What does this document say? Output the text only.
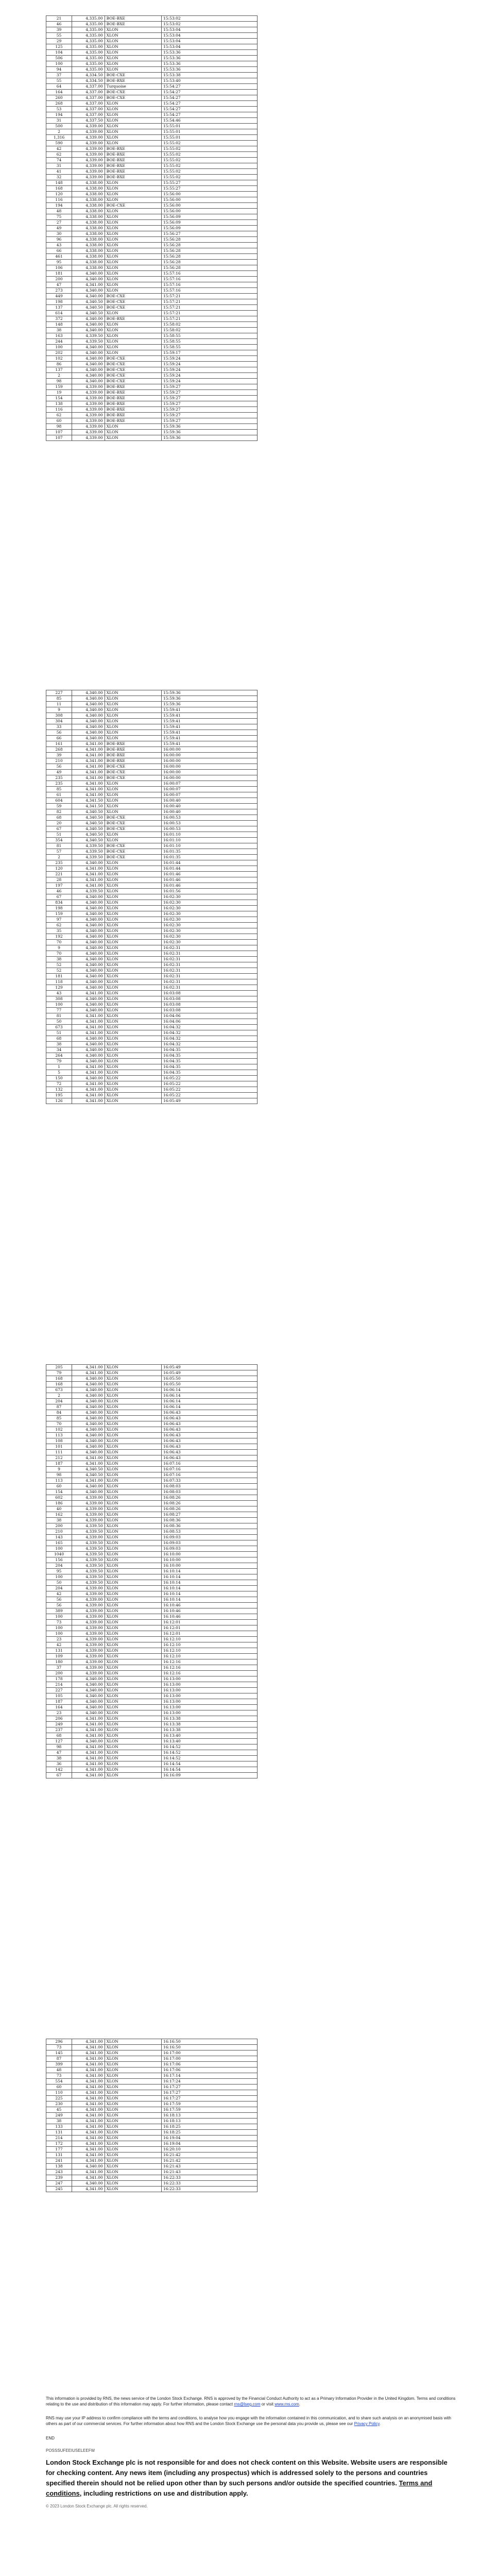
21	4,335.00	BOE-BXE	15:53:02
46	4,335.00	BOE-BXE	15:53:02
39	4,335.00	XLON	15:53:04
55	4,335.00	XLON	15:53:04
29	4,335.00	XLON	15:53:04
125	4,335.00	XLON	15:53:04
104	4,335.00	XLON	15:53:36
506	4,335.00	XLON	15:53:36
100	4,335.00	XLON	15:53:36
94	4,335.00	XLON	15:53:36
37	4,334.50	BOE-CXE	15:53:38
55	4,334.50	BOE-BXE	15:53:40
64	4,337.00	Turquoise	15:54:27
164	4,337.00	BOE-CXE	15:54:27
260	4,337.00	BOE-CXE	15:54:27
268	4,337.00	XLON	15:54:27
53	4,337.00	XLON	15:54:27
194	4,337.00	XLON	15:54:27
31	4,337.50	XLON	15:54:46
500	4,339.00	XLON	15:55:01
2	4,339.00	XLON	15:55:01
1,316	4,339.00	XLON	15:55:01
590	4,339.00	XLON	15:55:02
42	4,339.00	BOE-BXE	15:55:02
62	4,339.00	BOE-BXE	15:55:02
74	4,339.00	BOE-BXE	15:55:02
31	4,339.00	BOE-BXE	15:55:02
41	4,339.00	BOE-BXE	15:55:02
32	4,339.00	BOE-BXE	15:55:02
148	4,338.00	XLON	15:55:27
168	4,338.00	XLON	15:55:27
120	4,338.00	XLON	15:56:00
116	4,338.00	XLON	15:56:00
194	4,338.00	BOE-CXE	15:56:00
48	4,338.00	XLON	15:56:00
75	4,338.00	XLON	15:56:09
27	4,338.00	XLON	15:56:09
49	4,338.00	XLON	15:56:09
30	4,338.00	XLON	15:56:27
96	4,338.00	XLON	15:56:28
43	4,338.00	XLON	15:56:28
66	4,338.00	XLON	15:56:28
461	4,338.00	XLON	15:56:28
95	4,338.00	XLON	15:56:28
106	4,338.00	XLON	15:56:28
181	4,340.00	XLON	15:57:16
200	4,340.00	XLON	15:57:16
47	4,341.00	XLON	15:57:16
273	4,340.00	XLON	15:57:16
449	4,340.00	BOE-CXE	15:57:21
198	4,340.50	BOE-CXE	15:57:21
137	4,340.50	BOE-CXE	15:57:21
614	4,340.50	XLON	15:57:21
372	4,340.00	BOE-BXE	15:57:21
148	4,340.00	XLON	15:58:02
38	4,340.00	XLON	15:58:02
163	4,339.50	XLON	15:58:55
244	4,339.50	XLON	15:58:55
100	4,340.00	XLON	15:58:55
202	4,340.00	XLON	15:59:17
102	4,340.00	BOE-CXE	15:59:24
86	4,340.00	BOE-CXE	15:59:24
137	4,340.00	BOE-CXE	15:59:24
2	4,340.00	BOE-CXE	15:59:24
98	4,340.00	BOE-CXE	15:59:24
159	4,339.00	BOE-BXE	15:59:27
19	4,339.00	BOE-BXE	15:59:27
154	4,339.00	BOE-BXE	15:59:27
138	4,339.00	BOE-BXE	15:59:27
116	4,339.00	BOE-BXE	15:59:27
62	4,339.00	BOE-BXE	15:59:27
60	4,339.00	BOE-BXE	15:59:27
98	4,339.00	XLON	15:59:36
107	4,339.00	XLON	15:59:36
107	4,339.00	XLON	15:59:36
227	4,340.00	XLON	15:59:36
85	4,340.00	XLON	15:59:36
11	4,340.00	XLON	15:59:36
9	4,340.00	XLON	15:59:41
308	4,340.00	XLON	15:59:41
304	4,340.00	XLON	15:59:41
33	4,340.00	XLON	15:59:41
56	4,340.00	XLON	15:59:41
66	4,340.00	XLON	15:59:41
161	4,341.00	BOE-BXE	15:59:41
268	4,341.00	BOE-BXE	16:00:00
39	4,341.00	BOE-BXE	16:00:00
210	4,341.00	BOE-BXE	16:00:00
56	4,341.00	BOE-CXE	16:00:00
49	4,341.00	BOE-CXE	16:00:00
235	4,341.00	BOE-CXE	16:00:00
235	4,341.00	XLON	16:00:07
85	4,341.00	XLON	16:00:07
61	4,341.00	XLON	16:00:07
604	4,341.50	XLON	16:00:40
59	4,341.50	XLON	16:00:40
82	4,340.50	XLON	16:00:40
68	4,340.50	BOE-CXE	16:00:53
20	4,340.50	BOE-CXE	16:00:53
67	4,340.50	BOE-CXE	16:00:53
51	4,340.50	XLON	16:01:10
354	4,340.50	XLON	16:01:10
81	4,339.50	BOE-CXE	16:01:10
57	4,339.50	BOE-CXE	16:01:35
2	4,339.50	BOE-CXE	16:01:35
235	4,340.00	XLON	16:01:44
120	4,341.00	XLON	16:01:44
221	4,341.00	XLON	16:01:46
28	4,341.00	XLON	16:01:46
197	4,341.00	XLON	16:01:46
46	4,339.50	XLON	16:01:56
67	4,340.00	XLON	16:02:30
834	4,340.00	XLON	16:02:30
198	4,340.00	XLON	16:02:30
159	4,340.00	XLON	16:02:30
97	4,340.00	XLON	16:02:30
62	4,340.00	XLON	16:02:30
35	4,340.00	XLON	16:02:30
192	4,340.00	XLON	16:02:30
70	4,340.00	XLON	16:02:30
9	4,340.00	XLON	16:02:31
70	4,340.00	XLON	16:02:31
38	4,340.00	XLON	16:02:31
52	4,340.00	XLON	16:02:31
52	4,340.00	XLON	16:02:31
181	4,340.00	XLON	16:02:31
118	4,340.00	XLON	16:02:31
129	4,340.00	XLON	16:02:31
43	4,341.00	XLON	16:03:08
308	4,340.00	XLON	16:03:08
100	4,340.00	XLON	16:03:08
77	4,340.00	XLON	16:03:08
81	4,341.00	XLON	16:04:06
50	4,341.00	XLON	16:04:06
673	4,341.00	XLON	16:04:32
51	4,341.00	XLON	16:04:32
68	4,340.00	XLON	16:04:32
38	4,340.00	XLON	16:04:32
34	4,340.00	XLON	16:04:35
264	4,340.00	XLON	16:04:35
79	4,340.00	XLON	16:04:35
1	4,341.00	XLON	16:04:35
5	4,341.00	XLON	16:04:35
150	4,340.00	XLON	16:05:22
72	4,341.00	XLON	16:05:22
132	4,341.00	XLON	16:05:22
195	4,341.00	XLON	16:05:22
126	4,341.00	XLON	16:05:49
205	4,341.00	XLON	16:05:49
79	4,341.00	XLON	16:05:49
168	4,340.00	XLON	16:05:50
168	4,340.00	XLON	16:05:50
673	4,340.00	XLON	16:06:14
2	4,340.00	XLON	16:06:14
204	4,340.00	XLON	16:06:14
87	4,340.00	XLON	16:06:14
84	4,340.00	XLON	16:06:43
85	4,340.00	XLON	16:06:43
70	4,340.00	XLON	16:06:43
102	4,340.00	XLON	16:06:43
113	4,340.00	XLON	16:06:43
108	4,340.00	XLON	16:06:43
101	4,340.00	XLON	16:06:43
111	4,340.00	XLON	16:06:43
212	4,341.00	XLON	16:06:43
187	4,341.00	XLON	16:07:16
9	4,340.50	XLON	16:07:16
98	4,340.50	XLON	16:07:16
113	4,341.00	XLON	16:07:33
60	4,340.00	XLON	16:08:03
154	4,340.00	XLON	16:08:03
602	4,339.00	XLON	16:08:26
186	4,339.00	XLON	16:08:26
40	4,339.00	XLON	16:08:26
162	4,339.00	XLON	16:08:27
38	4,339.00	XLON	16:08:36
200	4,339.50	XLON	16:08:36
210	4,339.50	XLON	16:08:53
143	4,339.00	XLON	16:09:03
165	4,339.50	XLON	16:09:03
100	4,339.50	XLON	16:09:03
1040	4,339.50	XLON	16:10:00
156	4,339.50	XLON	16:10:00
204	4,339.50	XLON	16:10:00
95	4,339.50	XLON	16:10:14
100	4,339.50	XLON	16:10:14
50	4,339.50	XLON	16:10:14
204	4,339.00	XLON	16:10:14
42	4,339.00	XLON	16:10:14
56	4,339.00	XLON	16:10:14
56	4,339.00	XLON	16:10:46
389	4,339.00	XLON	16:10:46
100	4,339.00	XLON	16:10:46
73	4,339.00	XLON	16:12:01
100	4,339.00	XLON	16:12:01
100	4,339.00	XLON	16:12:01
23	4,339.00	XLON	16:12:10
42	4,339.00	XLON	16:12:10
131	4,339.00	XLON	16:12:10
109	4,339.00	XLON	16:12:10
180	4,339.00	XLON	16:12:16
37	4,339.00	XLON	16:12:16
200	4,339.00	XLON	16:12:16
178	4,340.00	XLON	16:13:00
214	4,340.00	XLON	16:13:00
227	4,340.00	XLON	16:13:00
105	4,340.00	XLON	16:13:00
187	4,340.00	XLON	16:13:00
164	4,340.00	XLON	16:13:00
23	4,340.00	XLON	16:13:00
206	4,341.00	XLON	16:13:38
249	4,341.00	XLON	16:13:38
237	4,341.00	XLON	16:13:38
68	4,341.00	XLON	16:13:40
127	4,340.00	XLON	16:13:40
98	4,341.00	XLON	16:14:52
47	4,341.00	XLON	16:14:52
38	4,341.00	XLON	16:14:52
36	4,341.00	XLON	16:14:54
142	4,341.00	XLON	16:14:54
67	4,341.00	XLON	16:16:09
296	4,341.00	XLON	16:16:50
73	4,341.00	XLON	16:16:50
145	4,341.00	XLON	16:17:00
87	4,341.00	XLON	16:17:00
399	4,341.00	XLON	16:17:06
48	4,341.00	XLON	16:17:06
73	4,341.00	XLON	16:17:14
554	4,341.00	XLON	16:17:24
60	4,341.00	XLON	16:17:27
110	4,341.00	XLON	16:17:27
225	4,341.00	XLON	16:17:27
230	4,341.00	XLON	16:17:59
45	4,341.00	XLON	16:17:59
249	4,341.00	XLON	16:18:13
38	4,341.00	XLON	16:18:13
133	4,341.00	XLON	16:18:25
131	4,341.00	XLON	16:18:25
214	4,341.00	XLON	16:19:04
172	4,341.00	XLON	16:19:04
177	4,341.00	XLON	16:20:10
131	4,341.00	XLON	16:21:42
241	4,341.00	XLON	16:21:42
138	4,340.00	XLON	16:21:43
243	4,341.00	XLON	16:21:43
239	4,341.00	XLON	16:22:33
247	4,340.00	XLON	16:22:33
245	4,341.00	XLON	16:22:33
This information is provided by RNS, the news service of the London Stock Exchange. RNS is approved by the Financial Conduct Authority to act as a Primary Information Provider in the United Kingdom. Terms and conditions relating to the use and distribution of this information may apply. For further information, please contact rns@lseg.com or visit www.rns.com.
RNS may use your IP address to confirm compliance with the terms and conditions, to analyse how you engage with the information contained in this communication, and to share such analysis on an anonymised basis with others as part of our commercial services. For further information about how RNS and the London Stock Exchange use the personal data you provide us, please see our Privacy Policy.
END
POSSSUFEEIUSELEEFW
London Stock Exchange plc is not responsible for and does not check content on this Website. Website users are responsible for checking content. Any news item (including any prospectus) which is addressed solely to the persons and countries specified therein should not be relied upon other than by such persons and/or outside the specified countries. Terms and conditions, including restrictions on use and distribution apply.
© 2023 London Stock Exchange plc. All rights reserved.
